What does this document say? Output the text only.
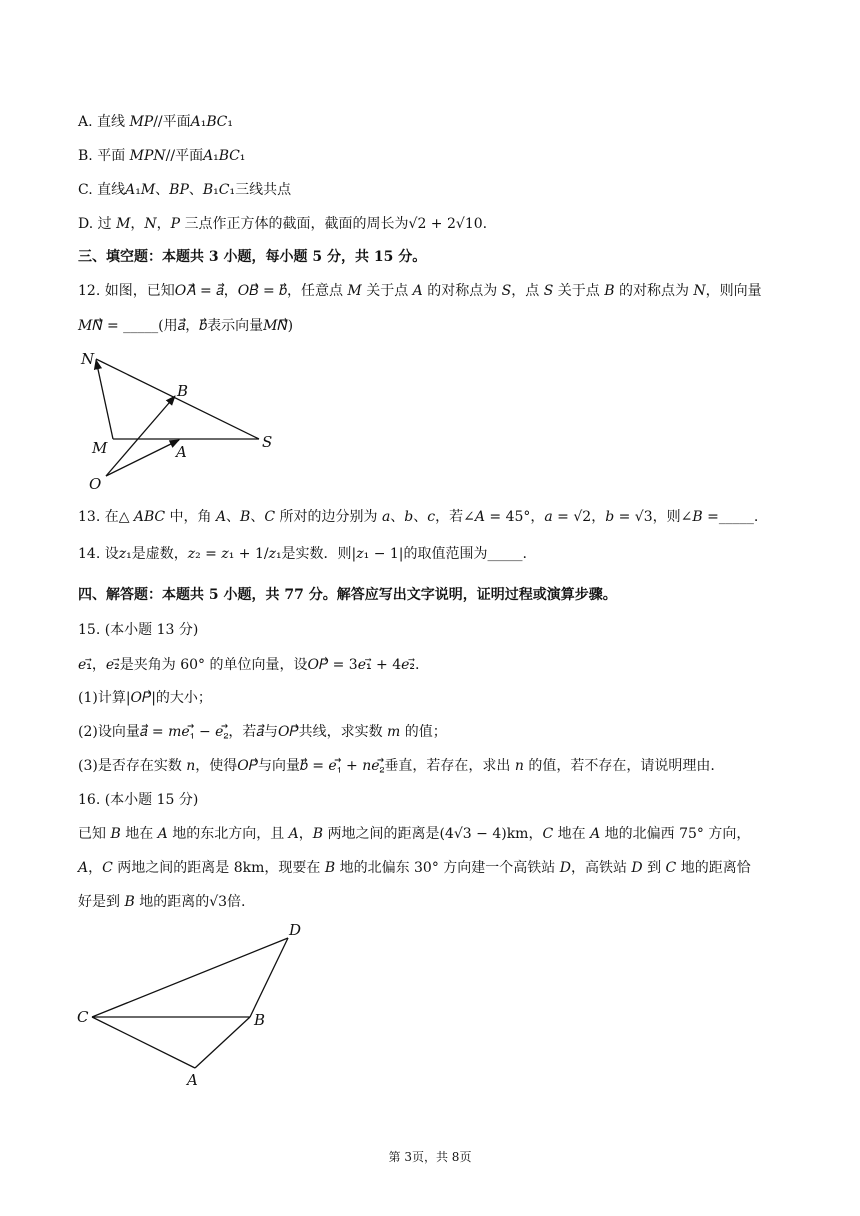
A. 直线 𝑀𝑃//平面𝐴₁𝐵𝐶₁
B. 平面 𝑀𝑃𝑁//平面𝐴₁𝐵𝐶₁
C. 直线𝐴₁𝑀、𝐵𝑃、𝐵₁𝐶₁三线共点
D. 过 𝑀，𝑁，𝑃 三点作正方体的截面，截面的周长为√2 + 2√10.
三、填空题：本题共 3 小题，每小题 5 分，共 15 分。
12. 如图，已知𝑂𝐴⃗ = 𝑎⃗，𝑂𝐵⃗ = 𝑏⃗，任意点 𝑀 关于点 𝐴 的对称点为 𝑆，点 𝑆 关于点 𝐵 的对称点为 𝑁，则向量
𝑀𝑁⃗ = _____(用𝑎⃗，𝑏⃗表示向量𝑀𝑁⃗)
N
B
M	A
S
O
13. 在△ 𝐴𝐵𝐶 中，角 𝐴、𝐵、𝐶 所对的边分别为 𝑎、𝑏、𝑐，若∠𝐴 = 45°，𝑎 = √2，𝑏 = √3，则∠𝐵 =_____.
14. 设𝑧₁是虚数，𝑧₂ = 𝑧₁ + 1/𝑧₁是实数．则|𝑧₁ − 1|的取值范围为_____.
四、解答题：本题共 5 小题，共 77 分。解答应写出文字说明，证明过程或演算步骤。
15. (本小题 13 分)
𝑒₁⃗，𝑒₂⃗是夹角为 60° 的单位向量，设𝑂𝑃⃗ = 3𝑒₁⃗ + 4𝑒₂⃗.
(1)计算|𝑂𝑃⃗|的大小；
(2)设向量𝑎⃗ = 𝑚𝑒₁⃗ − 𝑒₂⃗，若𝑎⃗与𝑂𝑃⃗共线，求实数 𝑚 的值；
(3)是否存在实数 𝑛，使得𝑂𝑃⃗与向量𝑏⃗ = 𝑒₁⃗ + 𝑛𝑒₂⃗垂直，若存在，求出 𝑛 的值，若不存在，请说明理由.
16. (本小题 15 分)
已知 𝐵 地在 𝐴 地的东北方向，且 𝐴，𝐵 两地之间的距离是(4√3 − 4)km，𝐶 地在 𝐴 地的北偏西 75° 方向，
𝐴，𝐶 两地之间的距离是 8km，现要在 𝐵 地的北偏东 30° 方向建一个高铁站 𝐷，高铁站 𝐷 到 𝐶 地的距离恰
好是到 𝐵 地的距离的√3倍.
D
C	B
A
第 3页，共 8页
